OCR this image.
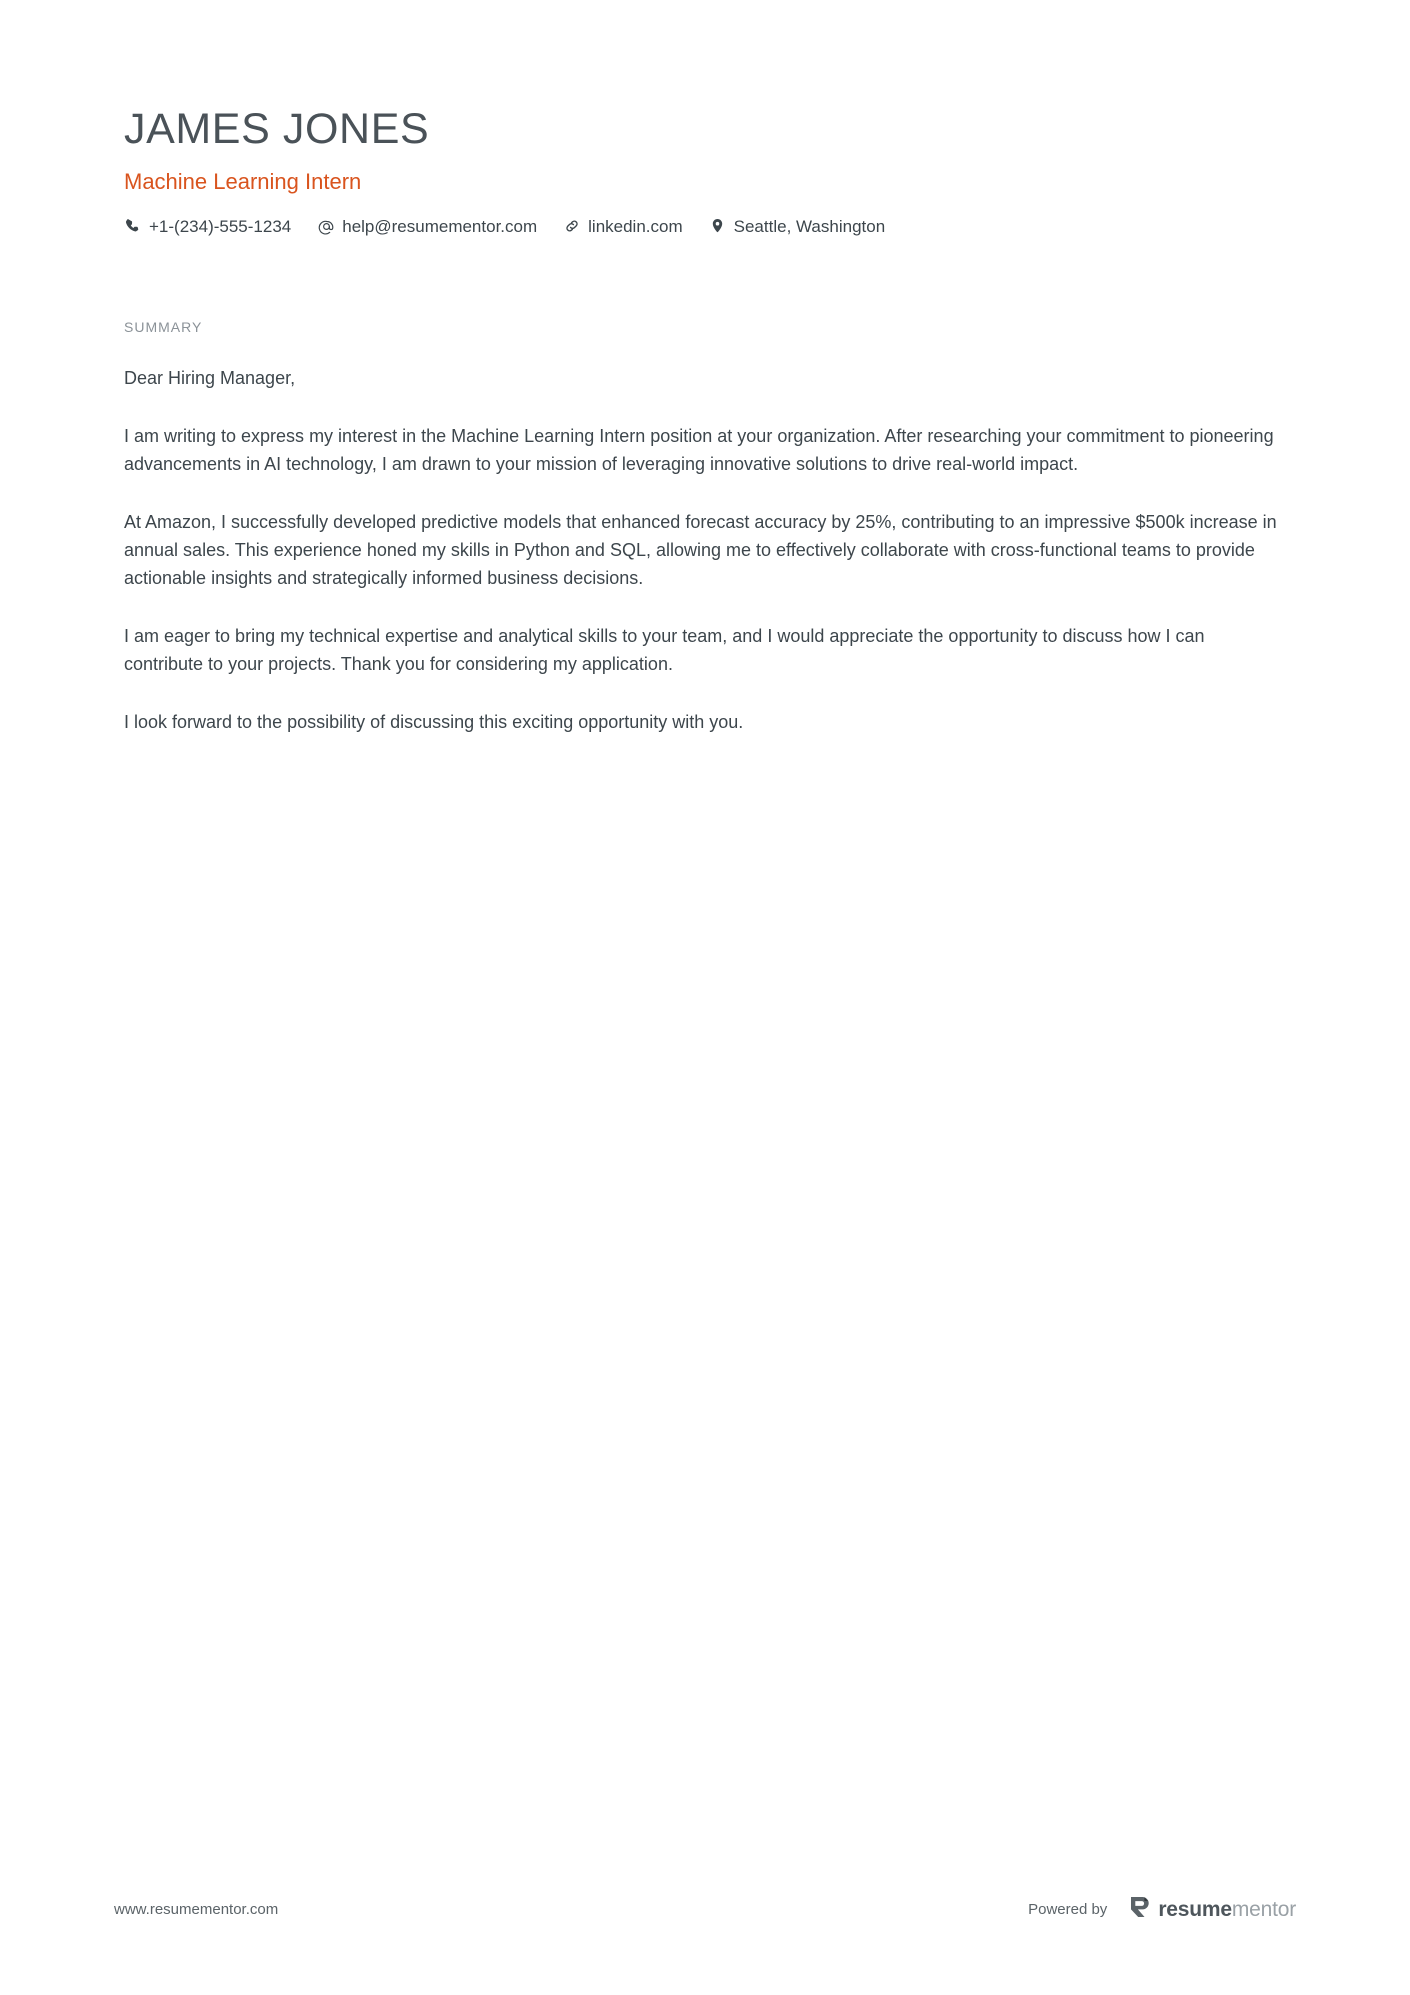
JAMES JONES
Machine Learning Intern
+1-(234)-555-1234	help@resumementor.com	linkedin.com	Seattle, Washington
SUMMARY

Dear Hiring Manager,

I am writing to express my interest in the Machine Learning Intern position at your organization. After researching your commitment to pioneering advancements in AI technology, I am drawn to your mission of leveraging innovative solutions to drive real-world impact.

At Amazon, I successfully developed predictive models that enhanced forecast accuracy by 25%, contributing to an impressive $500k increase in annual sales. This experience honed my skills in Python and SQL, allowing me to effectively collaborate with cross-functional teams to provide actionable insights and strategically informed business decisions.

I am eager to bring my technical expertise and analytical skills to your team, and I would appreciate the opportunity to discuss how I can contribute to your projects. Thank you for considering my application.

I look forward to the possibility of discussing this exciting opportunity with you.

www.resumementor.com	Powered by resumementor
